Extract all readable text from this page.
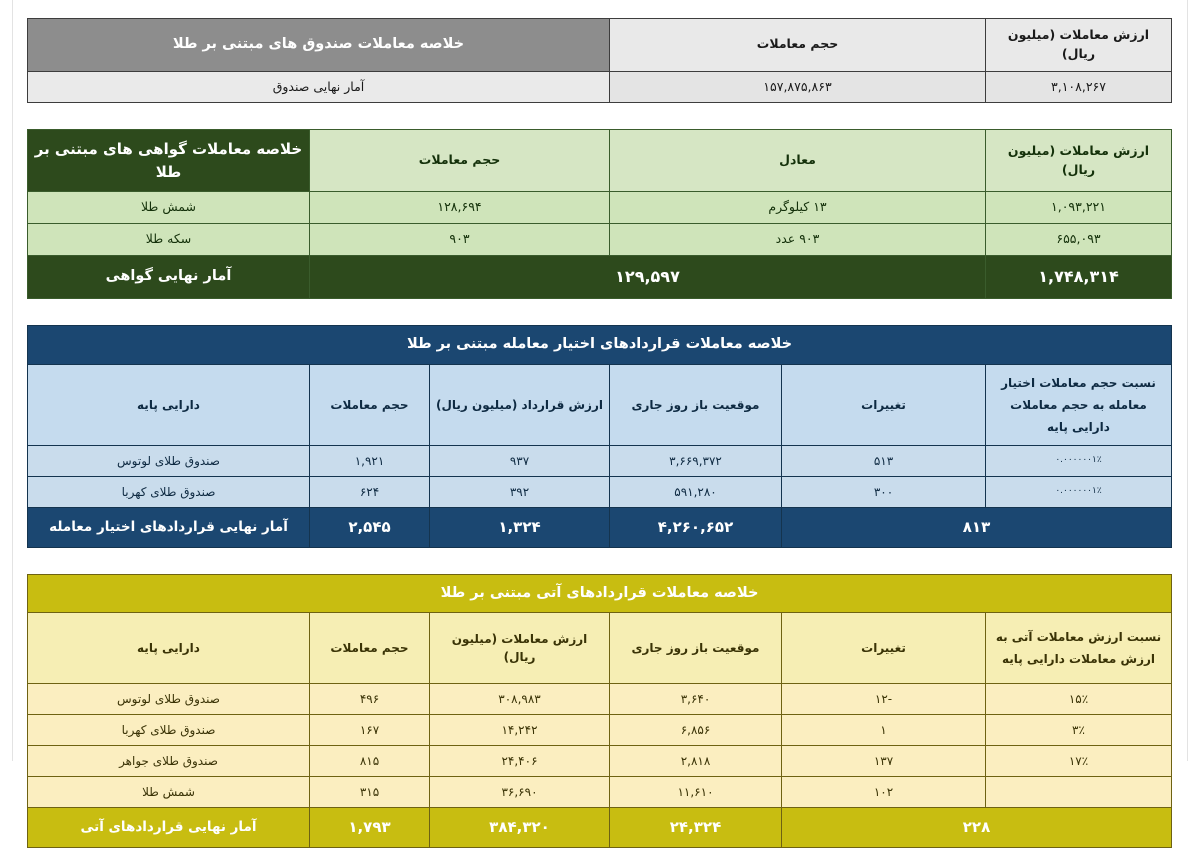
ارزش معاملات (میلیون ریال)	حجم معاملات	خلاصه معاملات صندوق های مبتنی بر طلا
۳,۱۰۸,۲۶۷	۱۵۷,۸۷۵,۸۶۳	آمار نهایی صندوق
ارزش معاملات (میلیون ریال)	معادل	حجم معاملات	خلاصه معاملات گواهی های مبتنی بر طلا
۱,۰۹۳,۲۲۱	۱۳ کیلوگرم	۱۲۸,۶۹۴	شمش طلا
۶۵۵,۰۹۳	۹۰۳ عدد	۹۰۳	سکه طلا
۱,۷۴۸,۳۱۴	۱۲۹,۵۹۷		آمار نهایی گواهی
خلاصه معاملات قراردادهای اختیار معامله مبتنی بر طلا					
نسبت حجم معاملات اختیار معامله به حجم معاملات دارایی پایه	تغییرات	موقعیت باز روز جاری	ارزش قرارداد (میلیون ریال)	حجم معاملات	دارایی پایه
۰.۰۰۰۰۰۰۱٪	۵۱۳	۳,۶۶۹,۳۷۲	۹۳۷	۱,۹۲۱	صندوق طلای لوتوس
۰.۰۰۰۰۰۰۱٪	۳۰۰	۵۹۱,۲۸۰	۳۹۲	۶۲۴	صندوق طلای کهربا
۸۱۳		۴,۲۶۰,۶۵۲	۱,۳۲۴	۲,۵۴۵	آمار نهایی قراردادهای اختیار معامله
خلاصه معاملات قراردادهای آتی مبتنی بر طلا					
نسبت ارزش معاملات آتی به ارزش معاملات دارایی پایه	تغییرات	موقعیت باز روز جاری	ارزش معاملات (میلیون ریال)	حجم معاملات	دارایی پایه
۱۵٪	-۱۲	۳,۶۴۰	۳۰۸,۹۸۳	۴۹۶	صندوق طلای لوتوس
۳٪	۱	۶,۸۵۶	۱۴,۲۴۲	۱۶۷	صندوق طلای کهربا
۱۷٪	۱۳۷	۲,۸۱۸	۲۴,۴۰۶	۸۱۵	صندوق طلای جواهر
	۱۰۲	۱۱,۶۱۰	۳۶,۶۹۰	۳۱۵	شمش طلا
۲۲۸		۲۴,۳۲۴	۳۸۴,۳۲۰	۱,۷۹۳	آمار نهایی قراردادهای آتی
